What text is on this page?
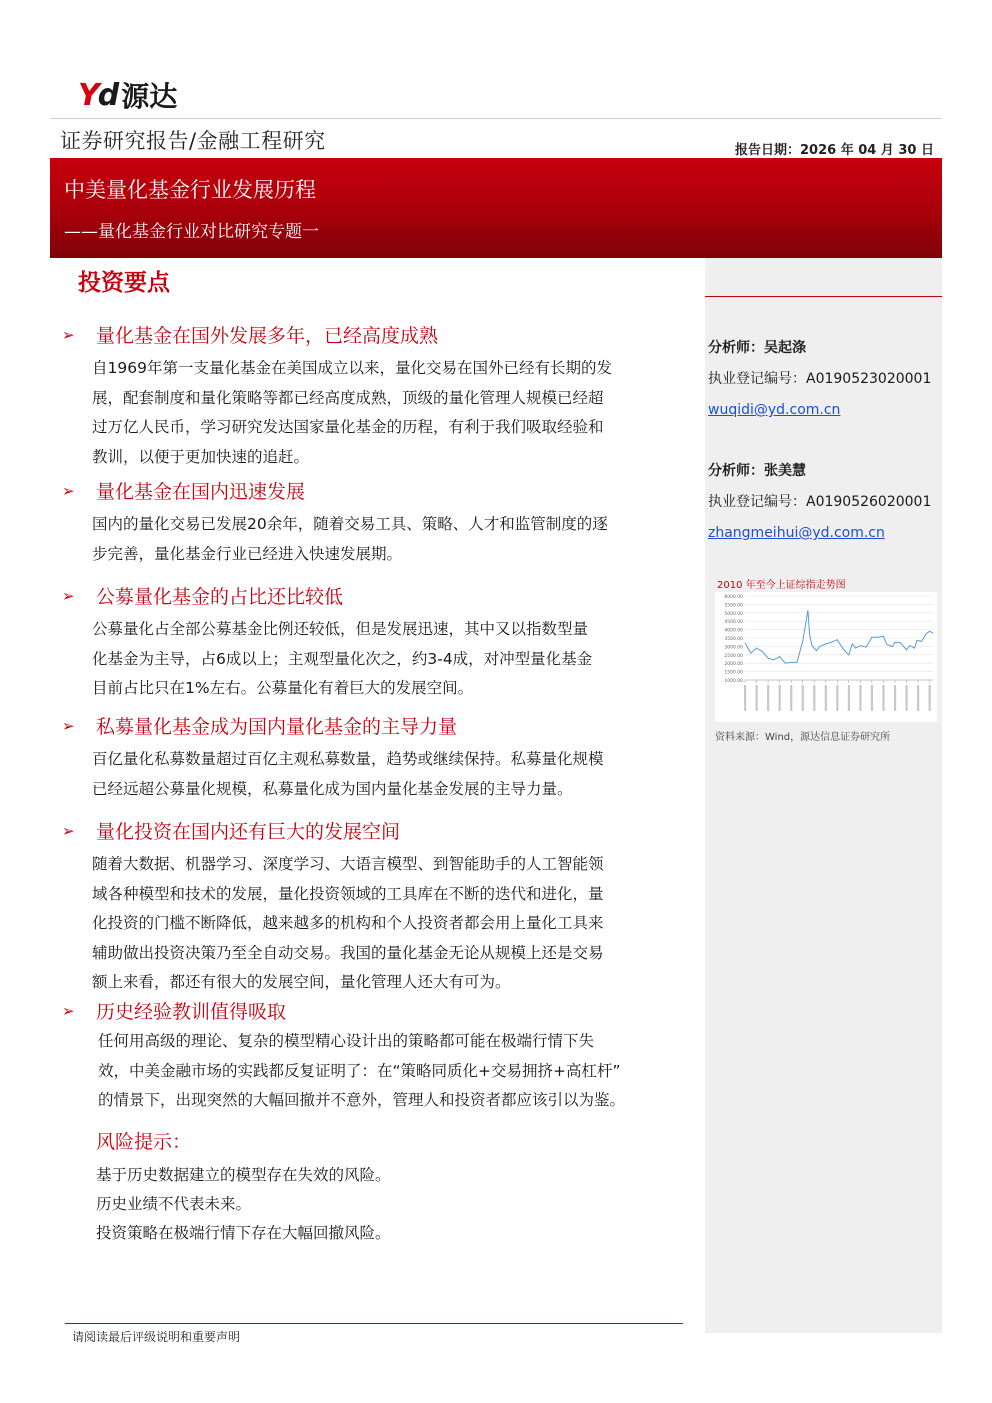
Yd 源达
证券研究报告/金融工程研究	报告日期：2026 年 04 月 30 日
中美量化基金行业发展历程
——量化基金行业对比研究专题一
投资要点
分析师：吴起涤
执业登记编号：A0190523020001
wuqidi@yd.com.cn
分析师：张美慧
执业登记编号：A0190526020001
zhangmeihui@yd.com.cn
2010 年至今上证综指走势图
1000.00
1500.00
2000.00
2500.00
3000.00
3500.00
4000.00
4500.00
5000.00
5500.00
6000.00
资料来源：Wind，源达信息证券研究所
➢	量化基金在国外发展多年，已经高度成熟
自1969年第一支量化基金在美国成立以来，量化交易在国外已经有长期的发
展，配套制度和量化策略等都已经高度成熟，顶级的量化管理人规模已经超
过万亿人民币，学习研究发达国家量化基金的历程，有利于我们吸取经验和
教训，以便于更加快速的追赶。
➢	量化基金在国内迅速发展
国内的量化交易已发展20余年，随着交易工具、策略、人才和监管制度的逐
步完善，量化基金行业已经进入快速发展期。
➢	公募量化基金的占比还比较低
公募量化占全部公募基金比例还较低，但是发展迅速，其中又以指数型量
化基金为主导，占6成以上；主观型量化次之，约3-4成，对冲型量化基金
目前占比只在1%左右。公募量化有着巨大的发展空间。
➢	私募量化基金成为国内量化基金的主导力量
百亿量化私募数量超过百亿主观私募数量，趋势或继续保持。私募量化规模
已经远超公募量化规模，私募量化成为国内量化基金发展的主导力量。
➢	量化投资在国内还有巨大的发展空间
随着大数据、机器学习、深度学习、大语言模型、到智能助手的人工智能领
域各种模型和技术的发展，量化投资领域的工具库在不断的迭代和进化，量
化投资的门槛不断降低，越来越多的机构和个人投资者都会用上量化工具来
辅助做出投资决策乃至全自动交易。我国的量化基金无论从规模上还是交易
额上来看，都还有很大的发展空间，量化管理人还大有可为。
➢	历史经验教训值得吸取
任何用高级的理论、复杂的模型精心设计出的策略都可能在极端行情下失
效，中美金融市场的实践都反复证明了：在“策略同质化+交易拥挤+高杠杆”
的情景下，出现突然的大幅回撤并不意外，管理人和投资者都应该引以为鉴。
风险提示：
基于历史数据建立的模型存在失效的风险。
历史业绩不代表未来。
投资策略在极端行情下存在大幅回撤风险。
请阅读最后评级说明和重要声明
